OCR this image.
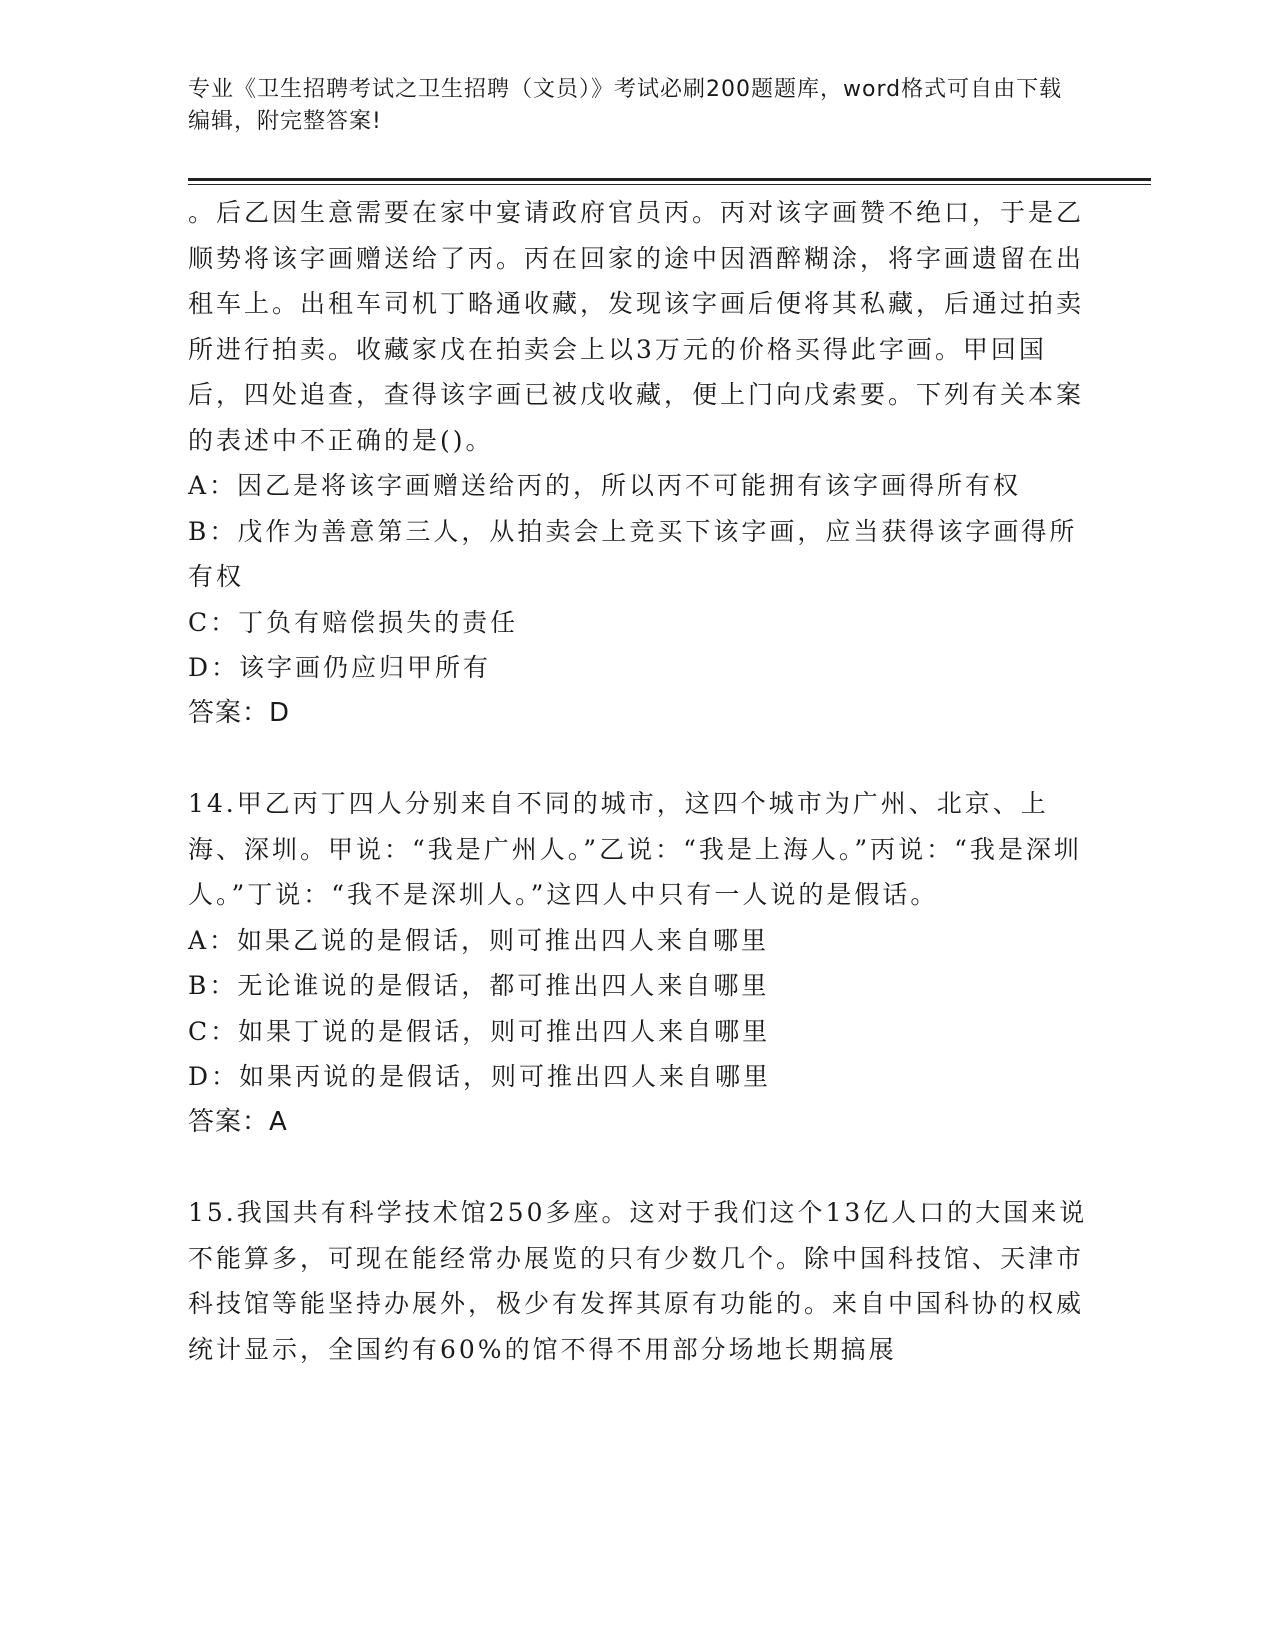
专业《卫生招聘考试之卫生招聘（文员）》考试必刷200题题库，word格式可自由下载编辑，附完整答案!

。后乙因生意需要在家中宴请政府官员丙。丙对该字画赞不绝口，于是乙顺势将该字画赠送给了丙。丙在回家的途中因酒醉糊涂，将字画遗留在出租车上。出租车司机丁略通收藏，发现该字画后便将其私藏，后通过拍卖所进行拍卖。收藏家戊在拍卖会上以3万元的价格买得此字画。甲回国后，四处追查，查得该字画已被戊收藏，便上门向戊索要。下列有关本案的表述中不正确的是()。

A：因乙是将该字画赠送给丙的，所以丙不可能拥有该字画得所有权

B：戊作为善意第三人，从拍卖会上竞买下该字画，应当获得该字画得所有权

C：丁负有赔偿损失的责任

D：该字画仍应归甲所有

答案：D

14.甲乙丙丁四人分别来自不同的城市，这四个城市为广州、北京、上海、深圳。甲说：“我是广州人。”乙说：“我是上海人。”丙说：“我是深圳人。”丁说：“我不是深圳人。”这四人中只有一人说的是假话。

A：如果乙说的是假话，则可推出四人来自哪里

B：无论谁说的是假话，都可推出四人来自哪里

C：如果丁说的是假话，则可推出四人来自哪里

D：如果丙说的是假话，则可推出四人来自哪里

答案：A

15.我国共有科学技术馆250多座。这对于我们这个13亿人口的大国来说不能算多，可现在能经常办展览的只有少数几个。除中国科技馆、天津市科技馆等能坚持办展外，极少有发挥其原有功能的。来自中国科协的权威统计显示，全国约有60%的馆不得不用部分场地长期搞展
